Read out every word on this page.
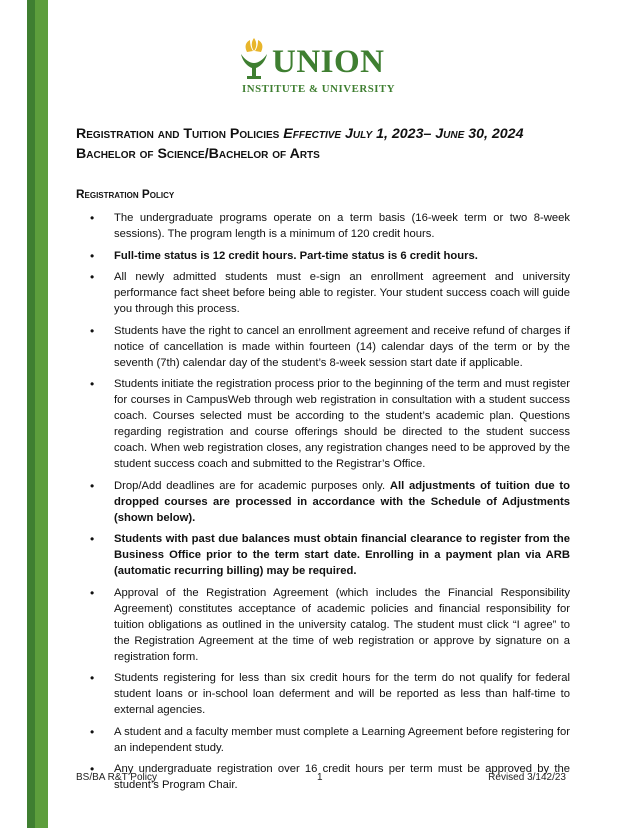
UNION
INSTITUTE & UNIVERSITY
Registration and Tuition Policies Effective July 1, 2023– June 30, 2024
Bachelor of Science/Bachelor of Arts
Registration Policy
• The undergraduate programs operate on a term basis (16-week term or two 8-week sessions). The program length is a minimum of 120 credit hours.
• Full-time status is 12 credit hours. Part-time status is 6 credit hours.
• All newly admitted students must e-sign an enrollment agreement and university performance fact sheet before being able to register. Your student success coach will guide you through this process.
• Students have the right to cancel an enrollment agreement and receive refund of charges if notice of cancellation is made within fourteen (14) calendar days of the term or by the seventh (7th) calendar day of the student’s 8-week session start date if applicable.
• Students initiate the registration process prior to the beginning of the term and must register for courses in CampusWeb through web registration in consultation with a student success coach. Courses selected must be according to the student’s academic plan. Questions regarding registration and course offerings should be directed to the student success coach. When web registration closes, any registration changes need to be approved by the student success coach and submitted to the Registrar’s Office.
• Drop/Add deadlines are for academic purposes only. All adjustments of tuition due to dropped courses are processed in accordance with the Schedule of Adjustments (shown below).
• Students with past due balances must obtain financial clearance to register from the Business Office prior to the term start date. Enrolling in a payment plan via ARB (automatic recurring billing) may be required.
• Approval of the Registration Agreement (which includes the Financial Responsibility Agreement) constitutes acceptance of academic policies and financial responsibility for tuition obligations as outlined in the university catalog. The student must click “I agree” to the Registration Agreement at the time of web registration or approve by signature on a registration form.
• Students registering for less than six credit hours for the term do not qualify for federal student loans or in-school loan deferment and will be reported as less than half-time to external agencies.
• A student and a faculty member must complete a Learning Agreement before registering for an independent study.
• Any undergraduate registration over 16 credit hours per term must be approved by the student’s Program Chair.
BS/BA R&T Policy	1	Revised 3/142/23
